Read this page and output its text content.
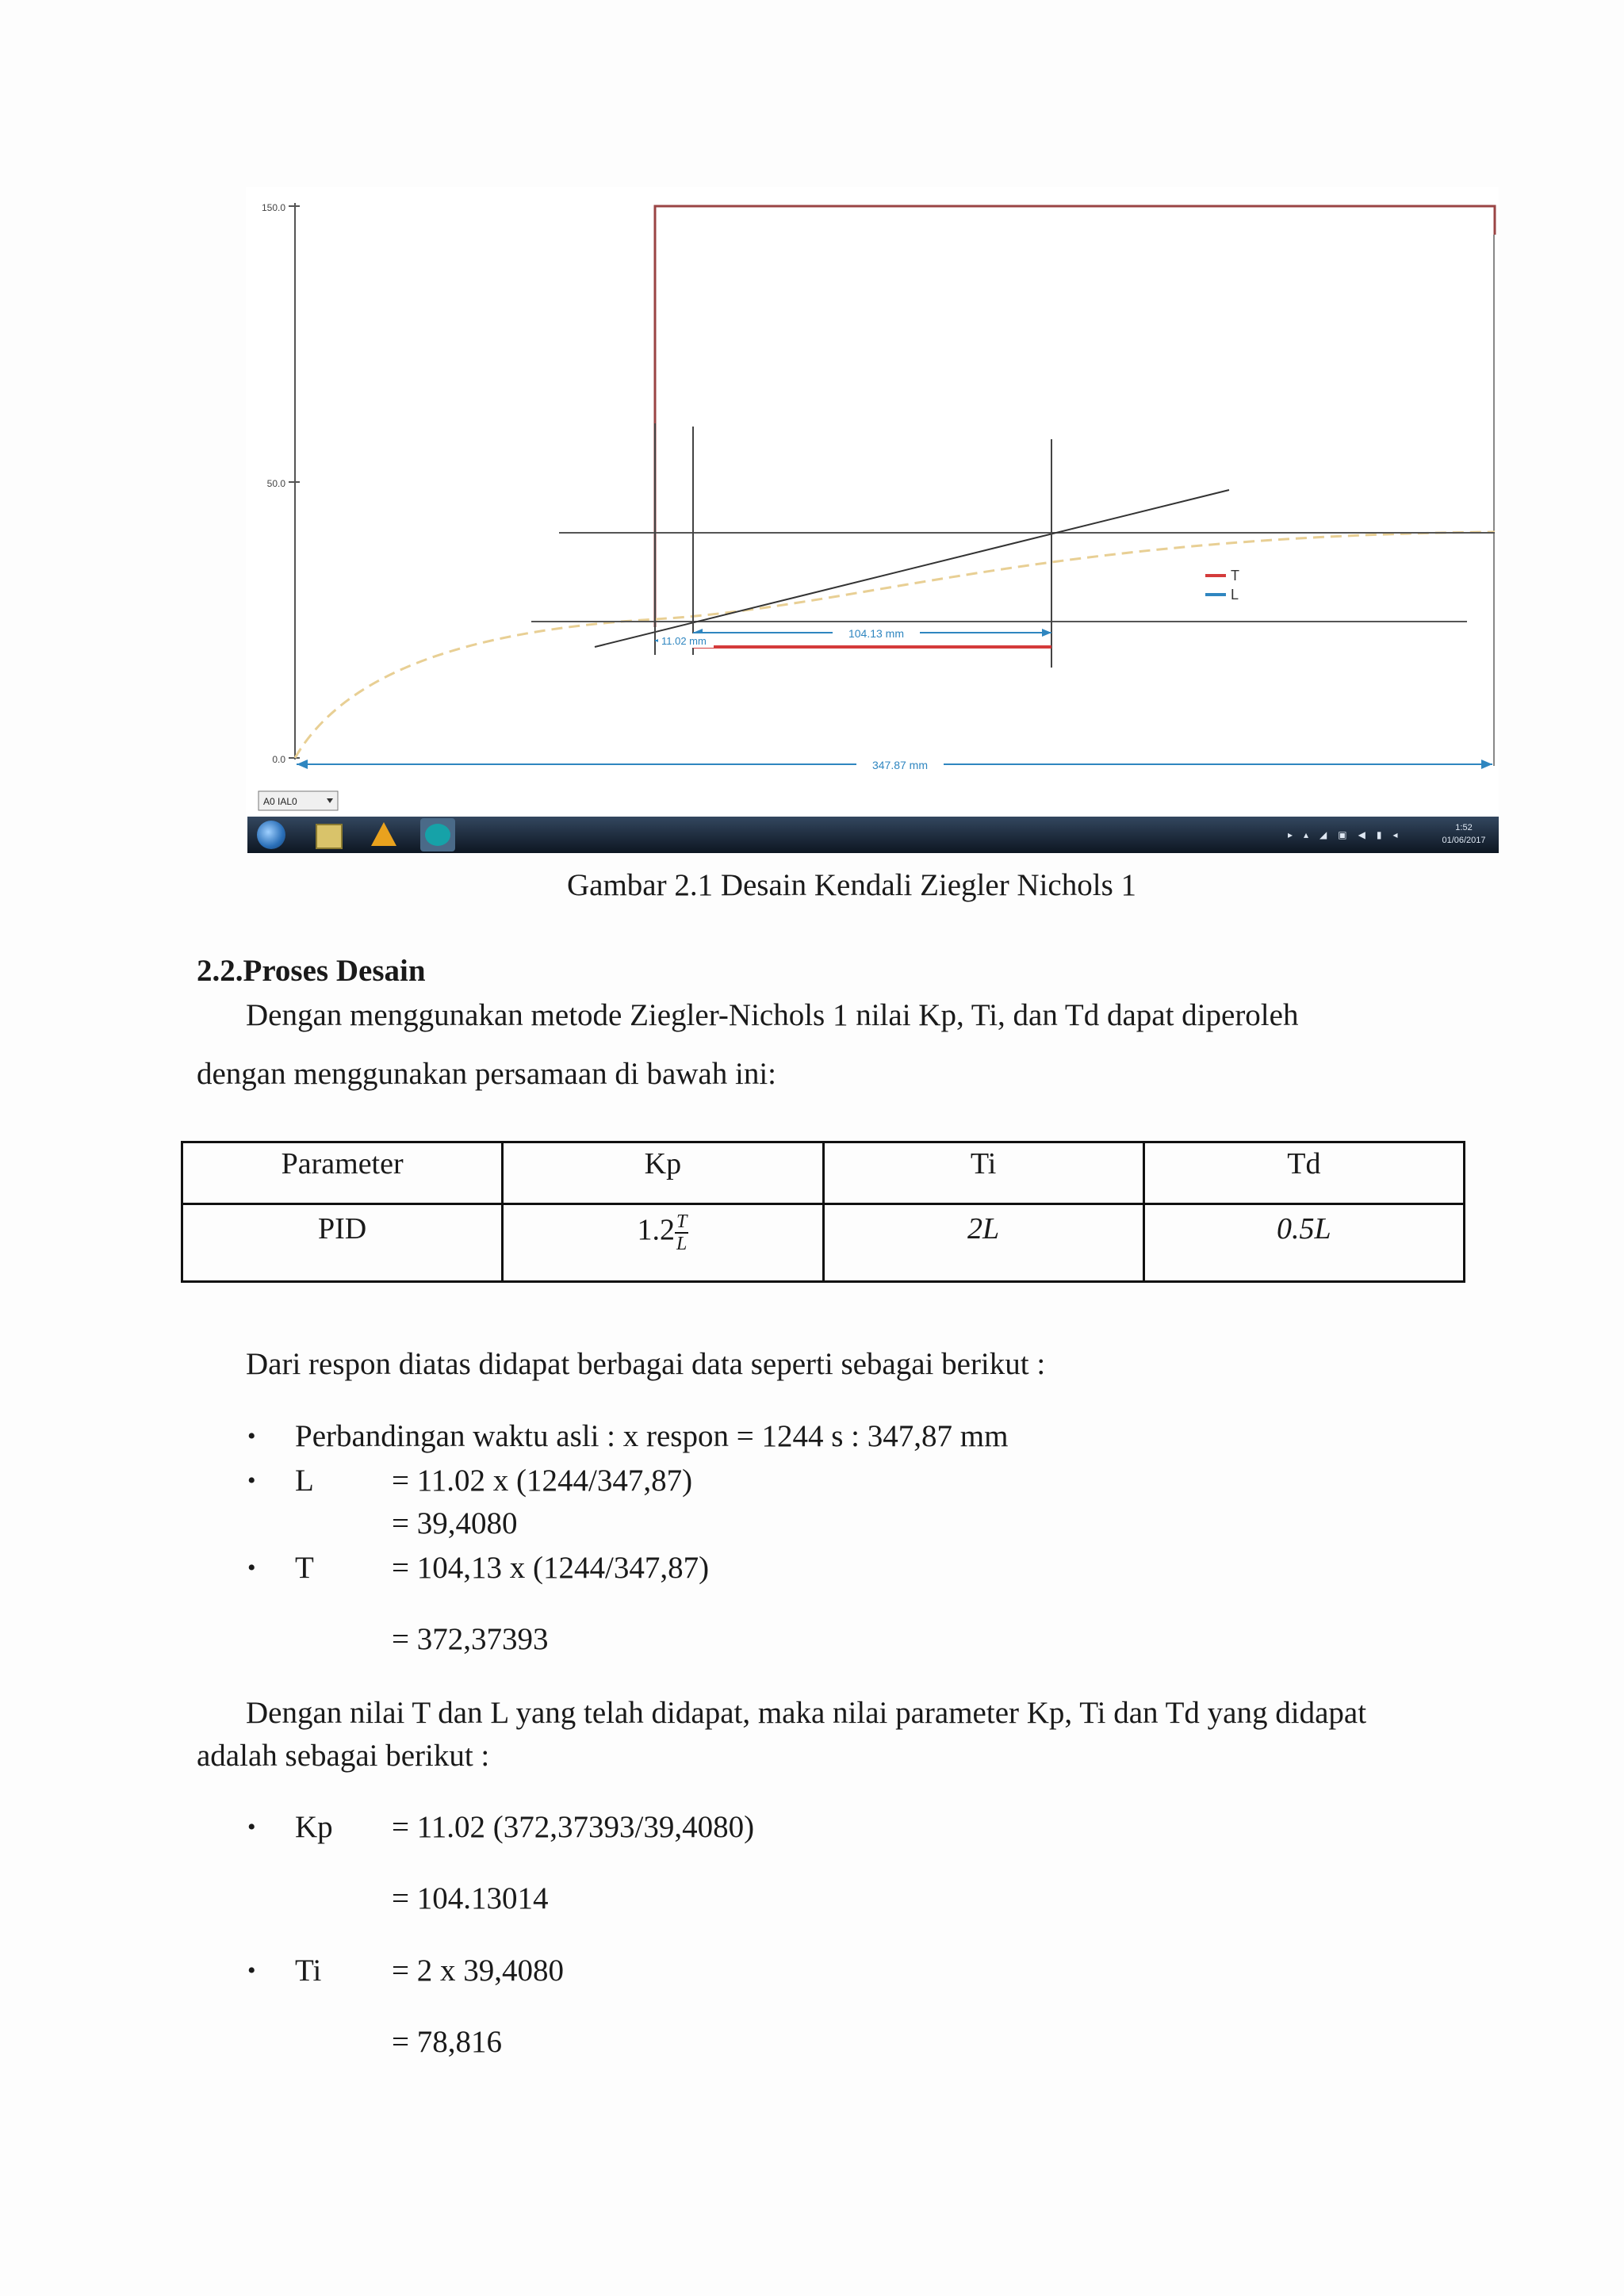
150.0
50.0
0.0
104.13 mm
11.02 mm
T
L
347.87 mm
A0 IAL0
1:52
01/06/2017
▸▴◢▣◀▮◂
Gambar 2.1 Desain Kendali Ziegler Nichols 1
2.2.Proses Desain
Dengan menggunakan metode Ziegler-Nichols 1 nilai Kp, Ti, dan Td dapat diperoleh
dengan menggunakan persamaan di bawah ini:
Parameter	Kp	Ti	Td
PID	$1.2 \frac{T}{L}$	2L	0.5L
Dari respon diatas didapat berbagai data seperti sebagai berikut :
• Perbandingan waktu asli : x respon = 1244 s : 347,87 mm
• L	= 11.02 x (1244/347,87)
= 39,4080
• T	= 104,13 x (1244/347,87)
= 372,37393
Dengan nilai T dan L yang telah didapat, maka nilai parameter Kp, Ti dan Td yang didapat
adalah sebagai berikut :
• Kp = 11.02 (372,37393/39,4080)
= 104.13014
• Ti = 2 x 39,4080
= 78,816
